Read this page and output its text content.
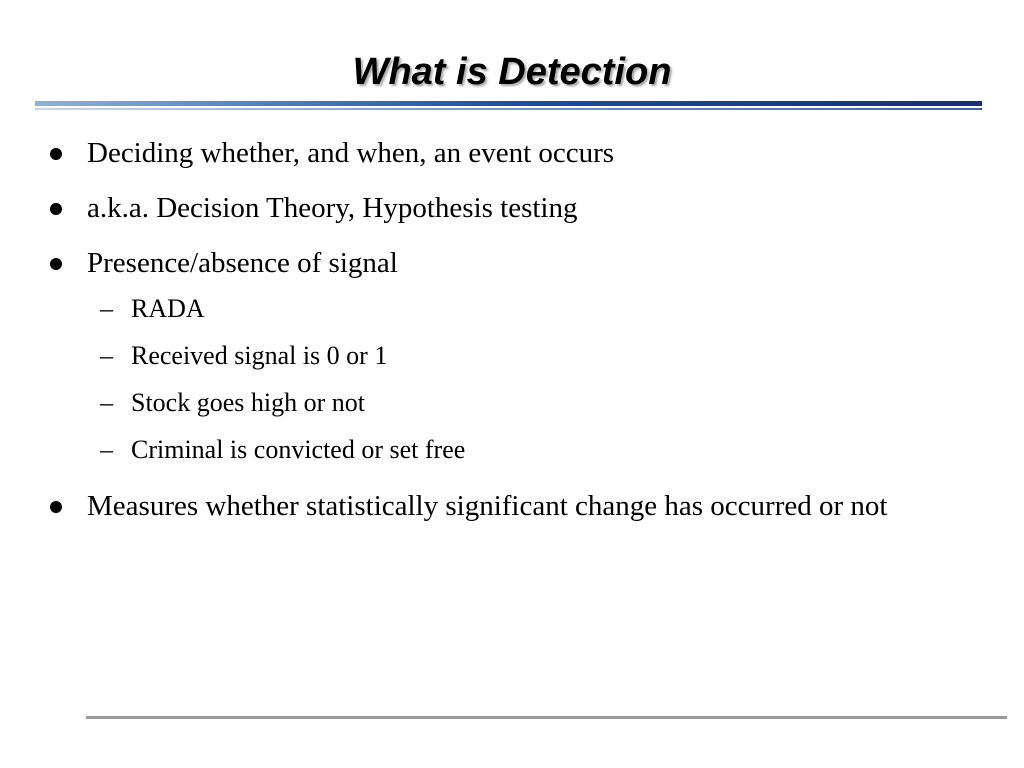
What is Detection
Deciding whether, and when, an event occurs
a.k.a. Decision Theory, Hypothesis testing
Presence/absence of signal
– RADA
– Received signal is 0 or 1
– Stock goes high or not
– Criminal is convicted or set free
Measures whether statistically significant change has occurred or not
